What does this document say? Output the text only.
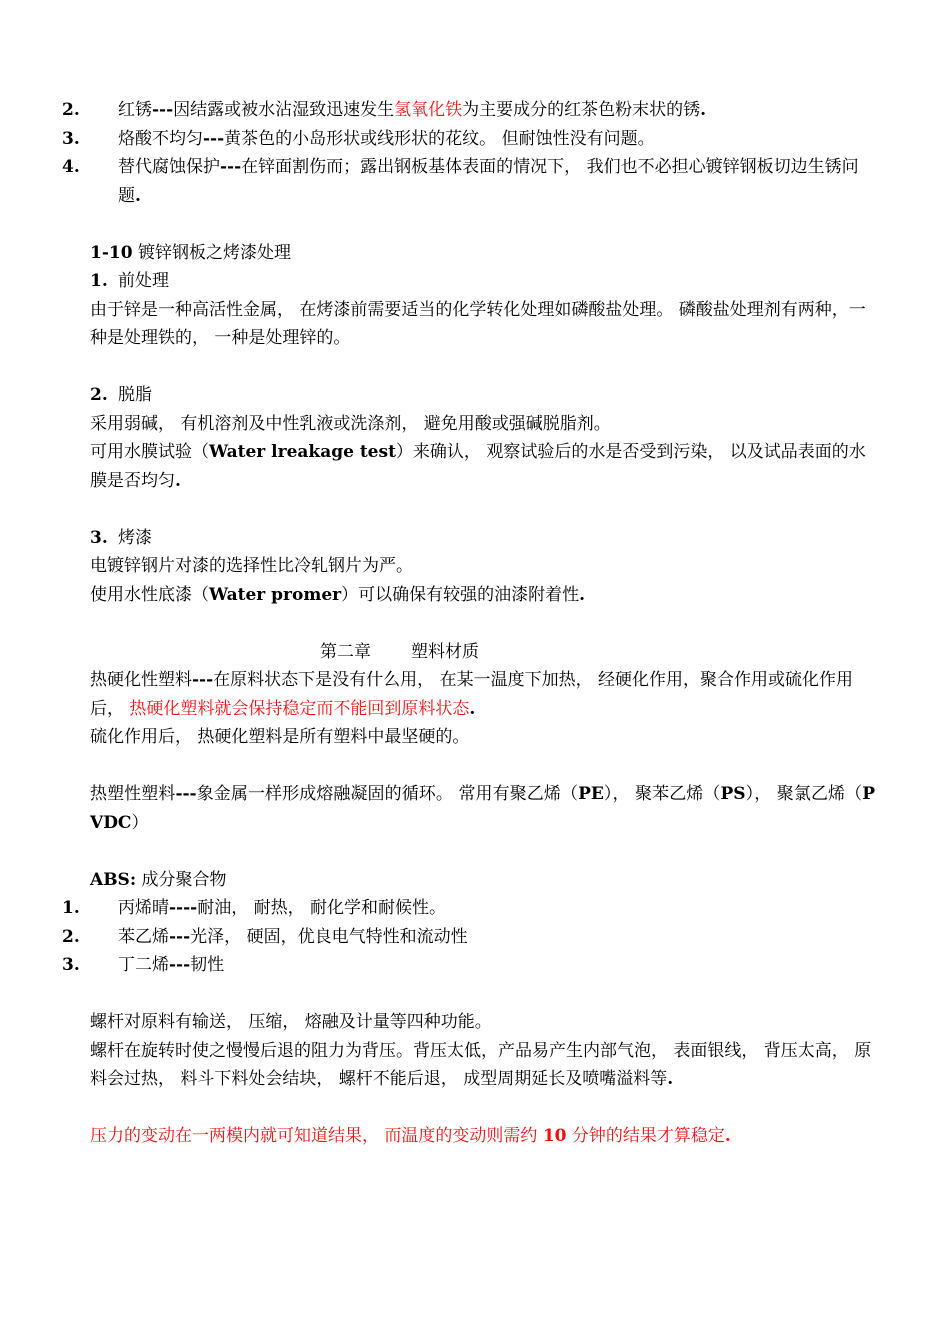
2. 红锈---因结露或被水沾湿致迅速发生氢氧化铁为主要成分的红茶色粉末状的锈.
3. 烙酸不均匀---黄茶色的小岛形状或线形状的花纹。 但耐蚀性没有问题。
4. 替代腐蚀保护---在锌面割伤而；露出钢板基体表面的情况下， 我们也不必担心镀锌钢板切边生锈问题.
1-10 镀锌钢板之烤漆处理
1. 前处理
由于锌是一种高活性金属， 在烤漆前需要适当的化学转化处理如磷酸盐处理。 磷酸盐处理剂有两种，一种是处理铁的， 一种是处理锌的。
2. 脱脂
采用弱碱， 有机溶剂及中性乳液或洗涤剂， 避免用酸或强碱脱脂剂。
可用水膜试验（Water lreakage test）来确认， 观察试验后的水是否受到污染， 以及试品表面的水膜是否均匀.
3. 烤漆
电镀锌钢片对漆的选择性比冷轧钢片为严。
使用水性底漆（Water promer）可以确保有较强的油漆附着性.
第二章 塑料材质
热硬化性塑料---在原料状态下是没有什么用， 在某一温度下加热， 经硬化作用，聚合作用或硫化作用后， 热硬化塑料就会保持稳定而不能回到原料状态.
硫化作用后， 热硬化塑料是所有塑料中最坚硬的。
热塑性塑料---象金属一样形成熔融凝固的循环。 常用有聚乙烯（PE）， 聚苯乙烯（PS）， 聚氯乙烯（PVDC）
ABS: 成分聚合物
1. 丙烯晴----耐油， 耐热， 耐化学和耐候性。
2. 苯乙烯---光泽， 硬固，优良电气特性和流动性
3. 丁二烯---韧性
螺杆对原料有输送， 压缩， 熔融及计量等四种功能。
螺杆在旋转时使之慢慢后退的阻力为背压。背压太低，产品易产生内部气泡， 表面银线， 背压太高， 原料会过热， 料斗下料处会结块， 螺杆不能后退， 成型周期延长及喷嘴溢料等.
压力的变动在一两模内就可知道结果， 而温度的变动则需约 10 分钟的结果才算稳定.
